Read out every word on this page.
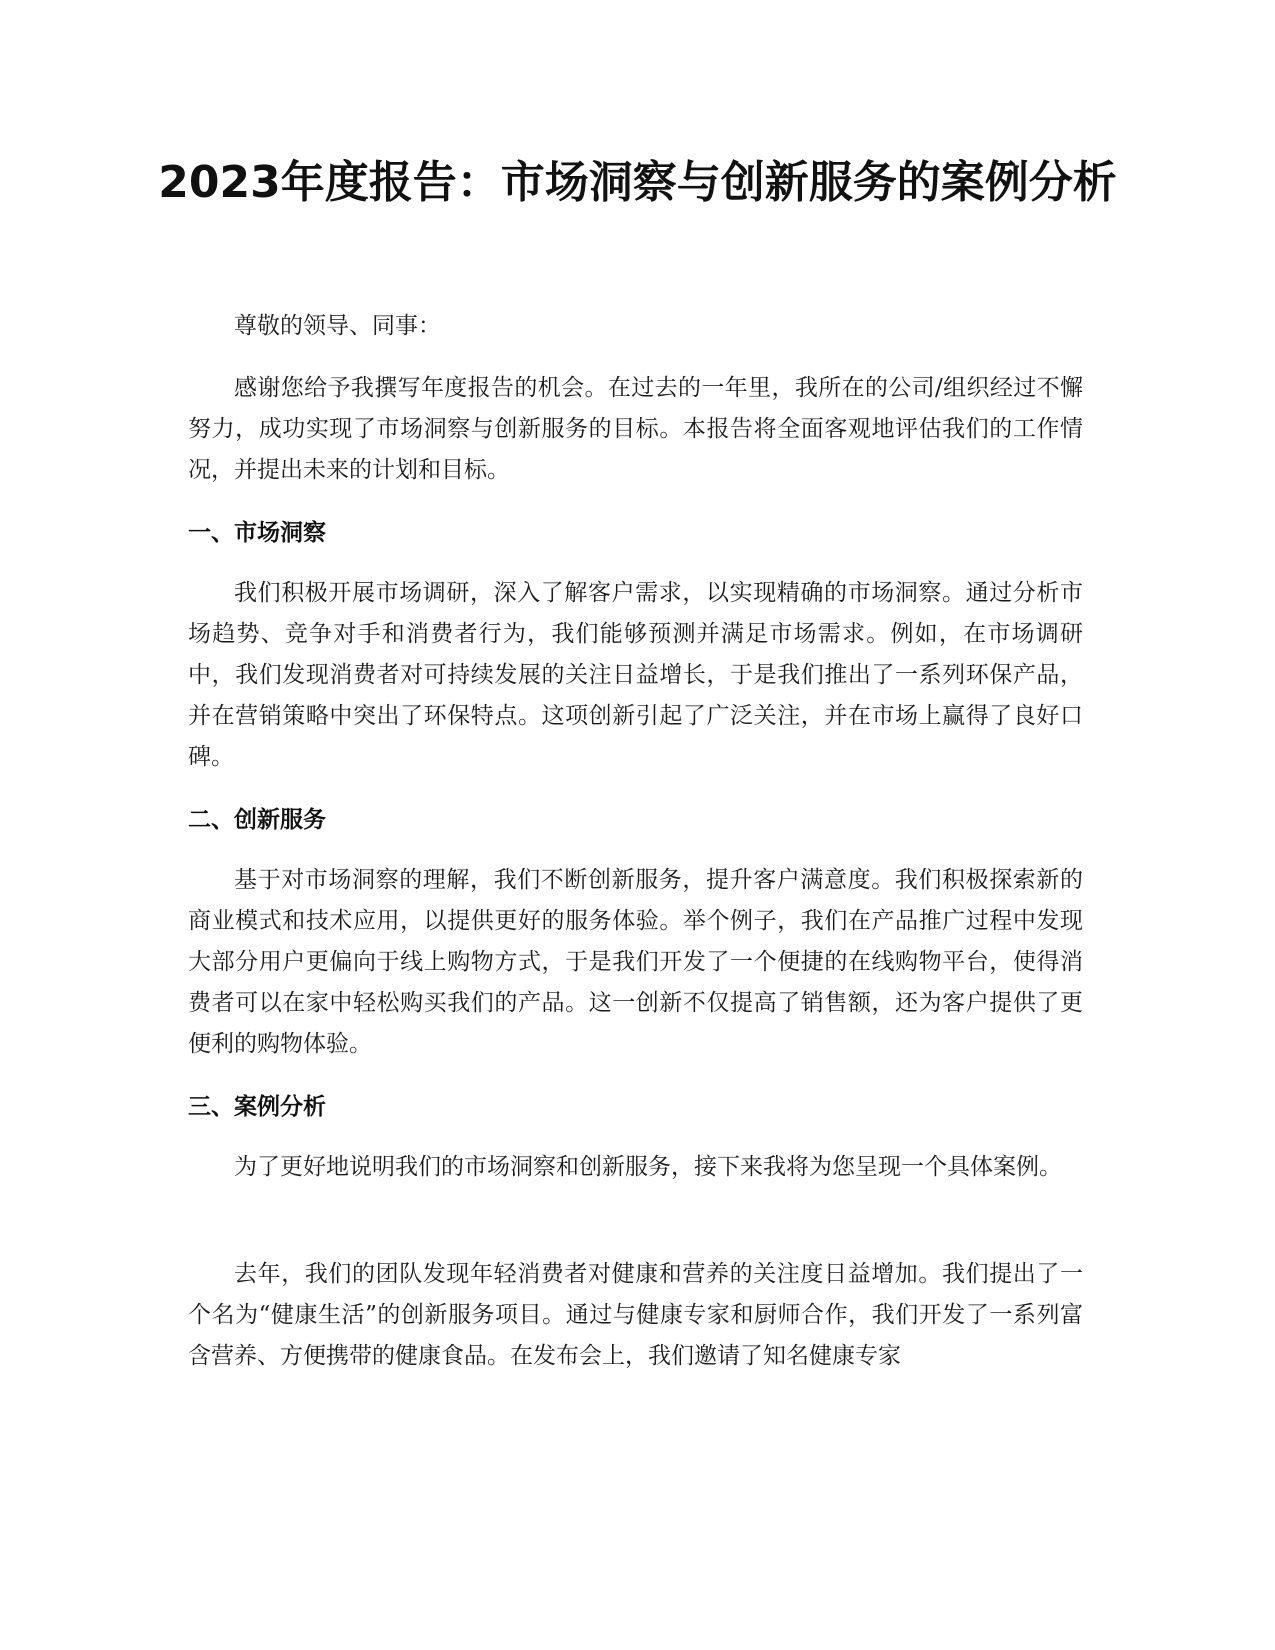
2023年度报告：市场洞察与创新服务的案例分析

尊敬的领导、同事：

感谢您给予我撰写年度报告的机会。在过去的一年里，我所在的公司/组织经过不懈努力，成功实现了市场洞察与创新服务的目标。本报告将全面客观地评估我们的工作情况，并提出未来的计划和目标。

一、市场洞察

我们积极开展市场调研，深入了解客户需求，以实现精确的市场洞察。通过分析市场趋势、竞争对手和消费者行为，我们能够预测并满足市场需求。例如，在市场调研中，我们发现消费者对可持续发展的关注日益增长，于是我们推出了一系列环保产品，并在营销策略中突出了环保特点。这项创新引起了广泛关注，并在市场上赢得了良好口碑。

二、创新服务

基于对市场洞察的理解，我们不断创新服务，提升客户满意度。我们积极探索新的商业模式和技术应用，以提供更好的服务体验。举个例子，我们在产品推广过程中发现大部分用户更偏向于线上购物方式，于是我们开发了一个便捷的在线购物平台，使得消费者可以在家中轻松购买我们的产品。这一创新不仅提高了销售额，还为客户提供了更便利的购物体验。

三、案例分析

为了更好地说明我们的市场洞察和创新服务，接下来我将为您呈现一个具体案例。

去年，我们的团队发现年轻消费者对健康和营养的关注度日益增加。我们提出了一个名为“健康生活”的创新服务项目。通过与健康专家和厨师合作，我们开发了一系列富含营养、方便携带的健康食品。在发布会上，我们邀请了知名健康专家
